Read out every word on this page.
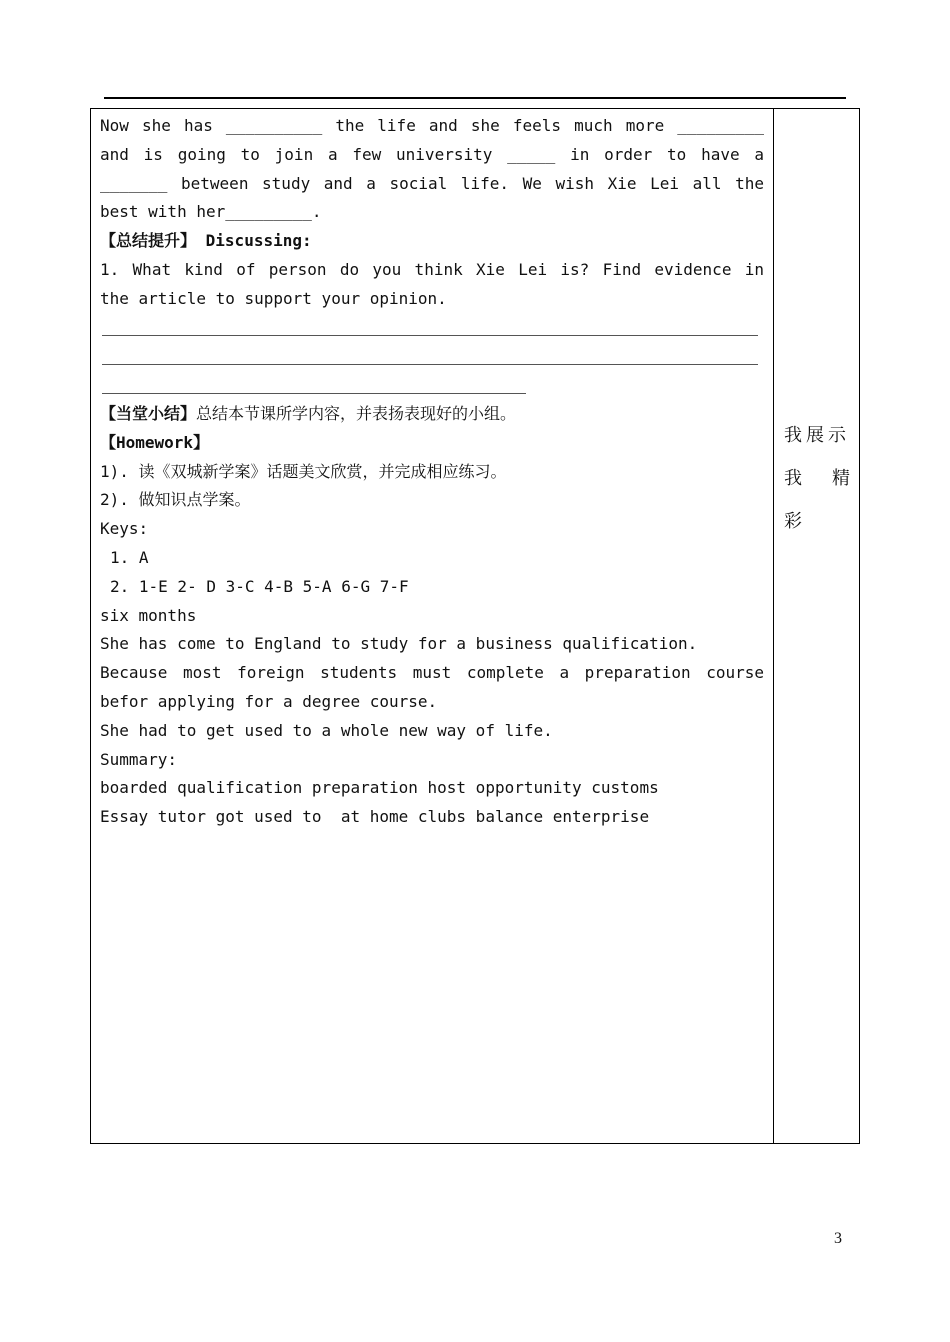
Now she has __________ the life and she feels much more _________
and is going to join a few university _____ in order to have a
_______ between study and a social life. We wish Xie Lei all the
best with her_________.
【总结提升】 Discussing:
1. What kind of person do you think Xie Lei is? Find evidence in
the article to support your opinion.
【当堂小结】总结本节课所学内容，并表扬表现好的小组。
【Homework】
1). 读《双城新学案》话题美文欣赏，并完成相应练习。
2). 做知识点学案。
Keys:
1. A
2. 1-E 2- D 3-C 4-B 5-A 6-G 7-F
six months
She has come to England to study for a business qualification.
Because most foreign students must complete a preparation course
befor applying for a degree course.
She had to get used to a whole new way of life.
Summary:
boarded qualification preparation host opportunity customs
Essay tutor got used to  at home clubs balance enterprise
我展示
我 精
彩
3
